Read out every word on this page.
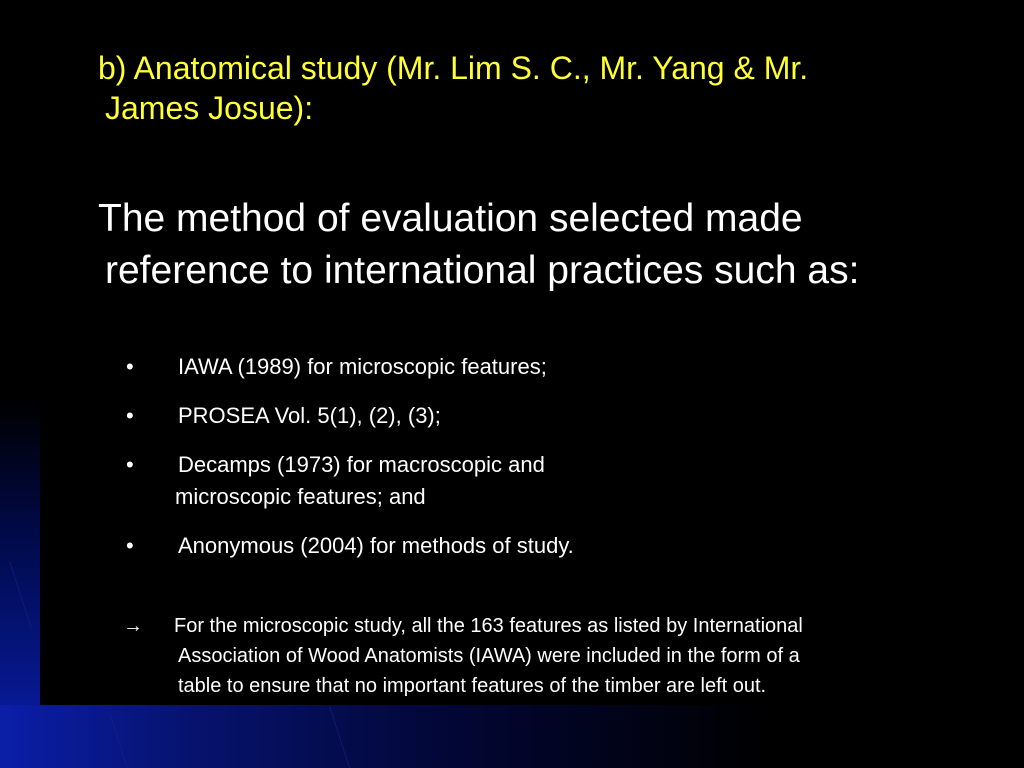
b) Anatomical study (Mr. Lim S. C., Mr. Yang & Mr.
James Josue):

The method of evaluation selected made
reference to international practices such as:

• IAWA (1989) for microscopic features;
• PROSEA Vol. 5(1), (2), (3);
• Decamps (1973) for macroscopic and
microscopic features; and
• Anonymous (2004) for methods of study.
→	For the microscopic study, all the 163 features as listed by International
Association of Wood Anatomists (IAWA) were included in the form of a
table to ensure that no important features of the timber are left out.
